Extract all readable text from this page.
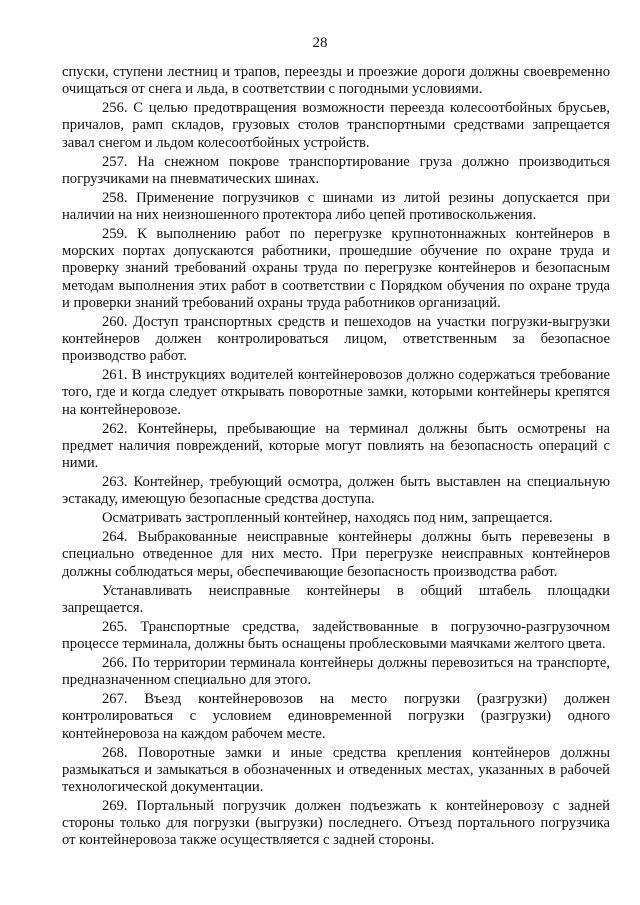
28

спуски, ступени лестниц и трапов, переезды и проезжие дороги должны своевременно очищаться от снега и льда, в соответствии с погодными условиями.

256. С целью предотвращения возможности переезда колесоотбойных брусьев, причалов, рамп складов, грузовых столов транспортными средствами запрещается завал снегом и льдом колесоотбойных устройств.

257. На снежном покрове транспортирование груза должно производиться погрузчиками на пневматических шинах.

258. Применение погрузчиков с шинами из литой резины допускается при наличии на них неизношенного протектора либо цепей противоскольжения.

259. К выполнению работ по перегрузке крупнотоннажных контейнеров в морских портах допускаются работники, прошедшие обучение по охране труда и проверку знаний требований охраны труда по перегрузке контейнеров и безопасным методам выполнения этих работ в соответствии с Порядком обучения по охране труда и проверки знаний требований охраны труда работников организаций.

260. Доступ транспортных средств и пешеходов на участки погрузки-выгрузки контейнеров должен контролироваться лицом, ответственным за безопасное производство работ.

261. В инструкциях водителей контейнеровозов должно содержаться требование того, где и когда следует открывать поворотные замки, которыми контейнеры крепятся на контейнеровозе.

262. Контейнеры, пребывающие на терминал должны быть осмотрены на предмет наличия повреждений, которые могут повлиять на безопасность операций с ними.

263. Контейнер, требующий осмотра, должен быть выставлен на специальную эстакаду, имеющую безопасные средства доступа.

Осматривать застропленный контейнер, находясь под ним, запрещается.

264. Выбракованные неисправные контейнеры должны быть перевезены в специально отведенное для них место. При перегрузке неисправных контейнеров должны соблюдаться меры, обеспечивающие безопасность производства работ.

Устанавливать неисправные контейнеры в общий штабель площадки запрещается.

265. Транспортные средства, задействованные в погрузочно-разгрузочном процессе терминала, должны быть оснащены проблесковыми маячками желтого цвета.

266. По территории терминала контейнеры должны перевозиться на транспорте, предназначенном специально для этого.

267. Въезд контейнеровозов на место погрузки (разгрузки) должен контролироваться с условием единовременной погрузки (разгрузки) одного контейнеровоза на каждом рабочем месте.

268. Поворотные замки и иные средства крепления контейнеров должны размыкаться и замыкаться в обозначенных и отведенных местах, указанных в рабочей технологической документации.

269. Портальный погрузчик должен подъезжать к контейнеровозу с задней стороны только для погрузки (выгрузки) последнего. Отъезд портального погрузчика от контейнеровоза также осуществляется с задней стороны.
